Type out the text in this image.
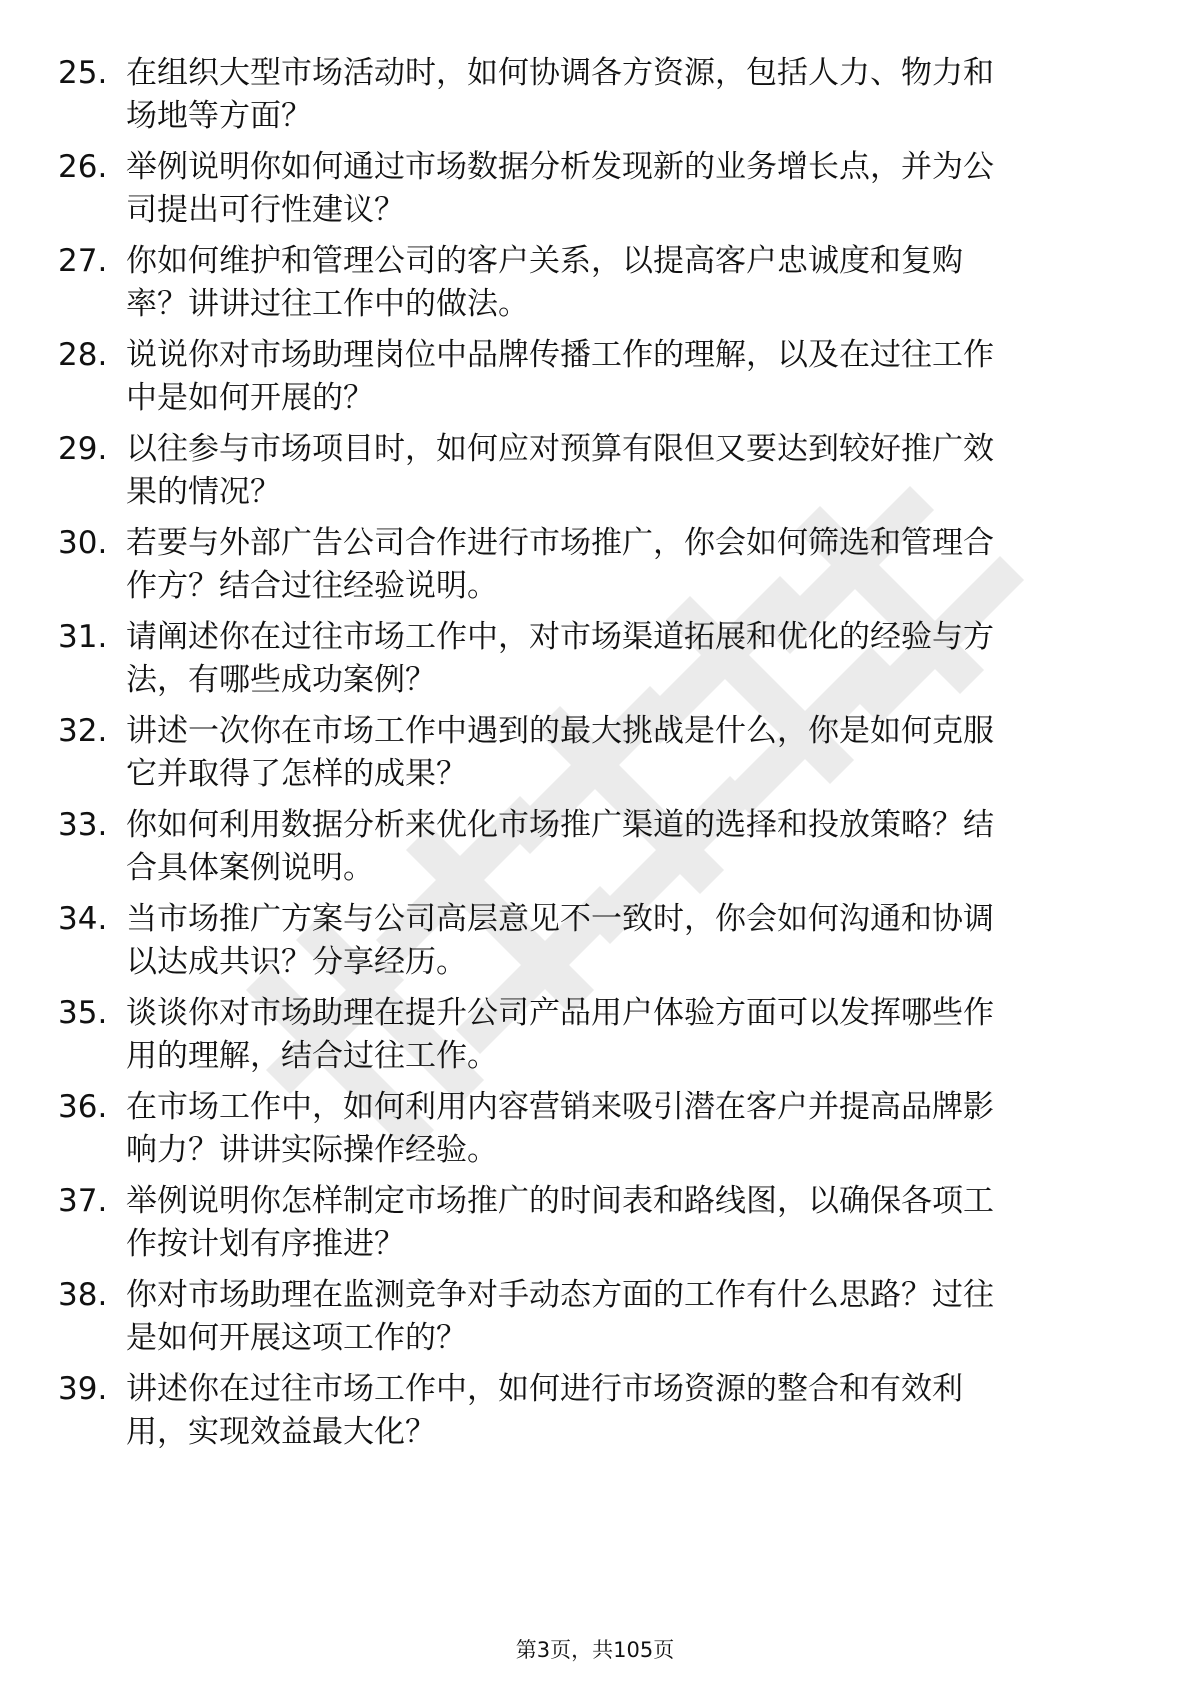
25. 在组织大型市场活动时，如何协调各方资源，包括人力、物力和
场地等方面？

26. 举例说明你如何通过市场数据分析发现新的业务增长点，并为公
司提出可行性建议？

27. 你如何维护和管理公司的客户关系，以提高客户忠诚度和复购
率？讲讲过往工作中的做法。

28. 说说你对市场助理岗位中品牌传播工作的理解，以及在过往工作
中是如何开展的？

29. 以往参与市场项目时，如何应对预算有限但又要达到较好推广效
果的情况？

30. 若要与外部广告公司合作进行市场推广，你会如何筛选和管理合
作方？结合过往经验说明。

31. 请阐述你在过往市场工作中，对市场渠道拓展和优化的经验与方
法，有哪些成功案例？

32. 讲述一次你在市场工作中遇到的最大挑战是什么，你是如何克服
它并取得了怎样的成果？

33. 你如何利用数据分析来优化市场推广渠道的选择和投放策略？结
合具体案例说明。

34. 当市场推广方案与公司高层意见不一致时，你会如何沟通和协调
以达成共识？分享经历。

35. 谈谈你对市场助理在提升公司产品用户体验方面可以发挥哪些作
用的理解，结合过往工作。

36. 在市场工作中，如何利用内容营销来吸引潜在客户并提高品牌影
响力？讲讲实际操作经验。

37. 举例说明你怎样制定市场推广的时间表和路线图，以确保各项工
作按计划有序推进？

38. 你对市场助理在监测竞争对手动态方面的工作有什么思路？过往
是如何开展这项工作的？

39. 讲述你在过往市场工作中，如何进行市场资源的整合和有效利
用，实现效益最大化？

第3页，共105页
